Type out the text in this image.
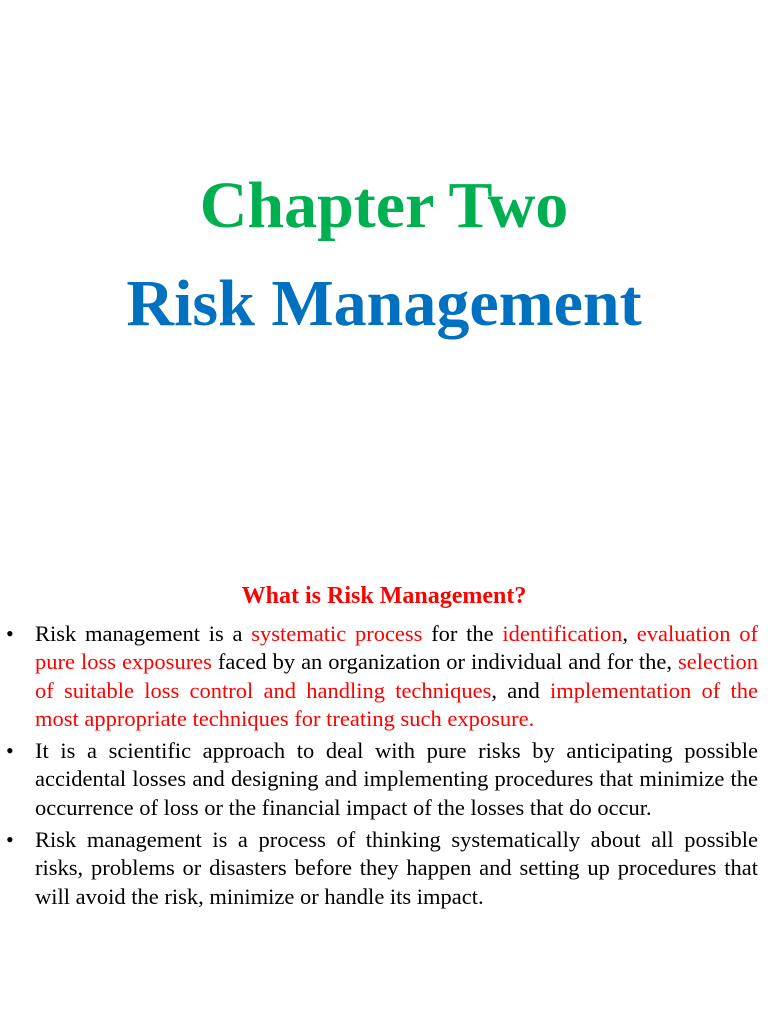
Chapter Two
Risk Management
What is Risk Management?
• Risk management is a systematic process for the identification, evaluation of pure loss exposures faced by an organization or individual and for the, selection of suitable loss control and handling techniques, and implementation of the most appropriate techniques for treating such exposure.
• It is a scientific approach to deal with pure risks by anticipating possible accidental losses and designing and implementing procedures that minimize the occurrence of loss or the financial impact of the losses that do occur.
• Risk management is a process of thinking systematically about all possible risks, problems or disasters before they happen and setting up procedures that will avoid the risk, minimize or handle its impact.
